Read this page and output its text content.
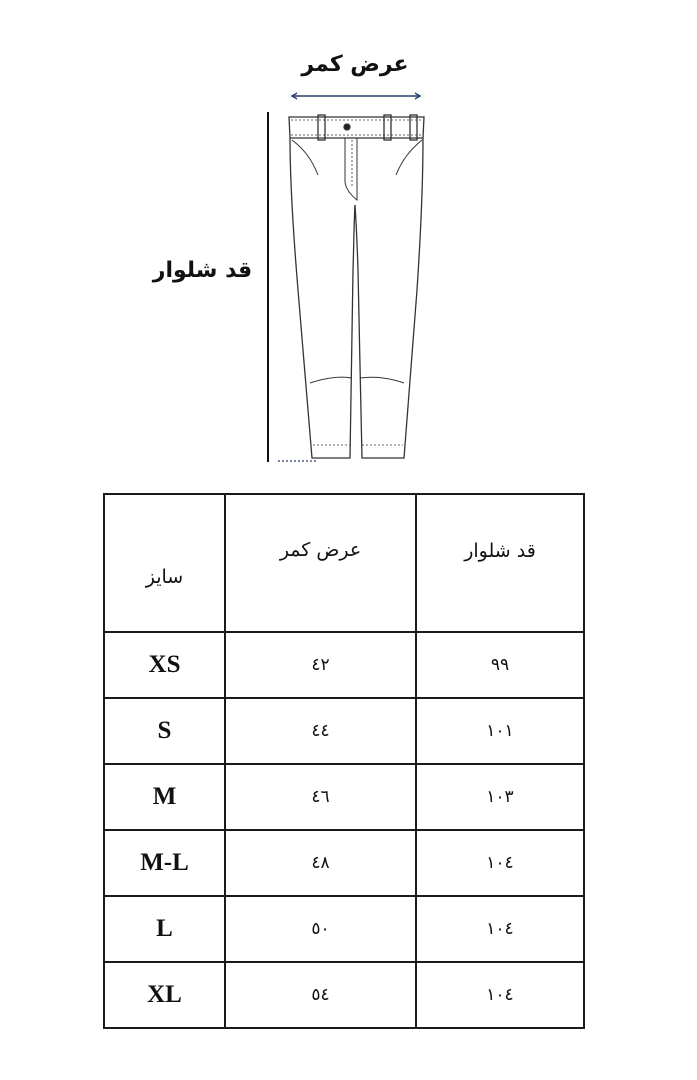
عرض کمر
قد شلوار
سایز	عرض کمر	قد شلوار
XS	٤٢	٩٩
S	٤٤	١٠١
M	٤٦	١٠٣
M-L	٤٨	١٠٤
L	٥٠	١٠٤
XL	٥٤	١٠٤
